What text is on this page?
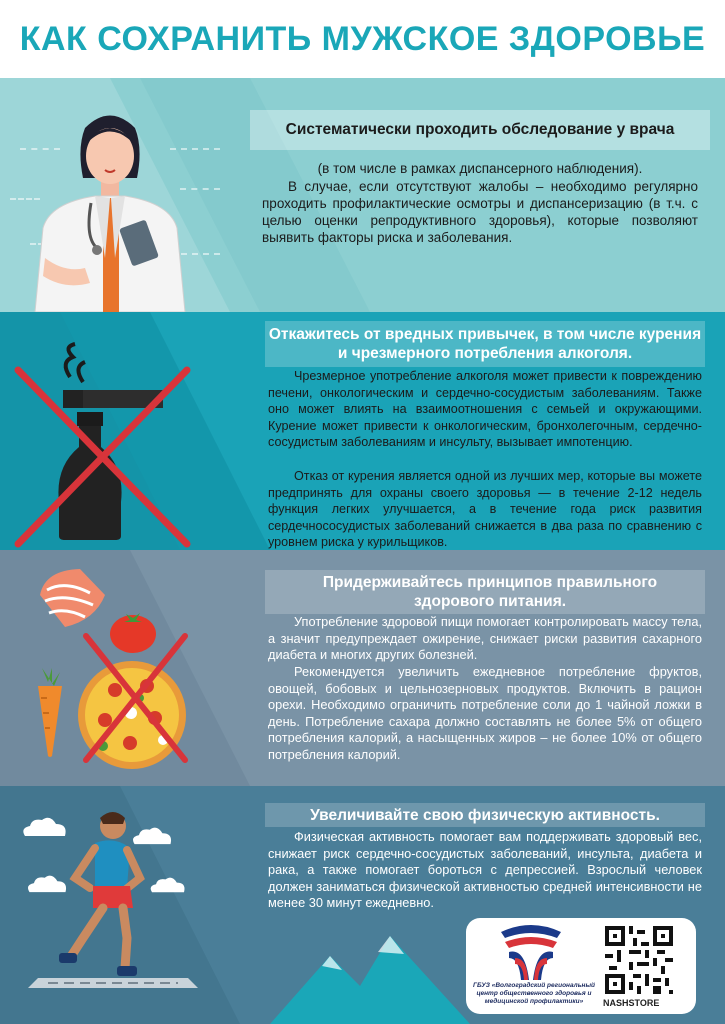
КАК СОХРАНИТЬ МУЖСКОЕ ЗДОРОВЬЕ
Систематически проходить обследование у врача
(в том числе в рамках диспансерного наблюдения).
В случае, если отсутствуют жалобы – необходимо регулярно проходить профилактические осмотры и диспансеризацию (в т.ч. с целью оценки репродуктивного здоровья), которые позволяют выявить факторы риска и заболевания.
Откажитесь от вредных привычек, в том числе курения и чрезмерного потребления алкоголя.
Чрезмерное употребление алкоголя может привести к повреждению печени, онкологическим и сердечно-сосудистым заболеваниям. Также оно может влиять на взаимоотношения с семьей и окружающими. Курение может привести к онкологическим, бронхолегочным, сердечно-сосудистым заболеваниям и инсульту, вызывает импотенцию.
Отказ от курения является одной из лучших мер, которые вы можете предпринять для охраны своего здоровья — в течение 2-12 недель функция легких улучшается, а в течение года риск развития сердечнососудистых заболеваний снижается в два раза по сравнению с уровнем риска у курильщиков.
Придерживайтесь принципов правильного здорового питания.
Употребление здоровой пищи помогает контролировать массу тела, а значит предупреждает ожирение, снижает риски развития сахарного диабета и многих других болезней.
Рекомендуется увеличить ежедневное потребление фруктов, овощей, бобовых и цельнозерновых продуктов. Включить в рацион орехи. Необходимо ограничить потребление соли до 1 чайной ложки в день. Потребление сахара должно составлять не более 5% от общего потребления калорий, а насыщенных жиров – не более 10% от общего потребления калорий.
Увеличивайте свою физическую активность.
Физическая активность помогает вам поддерживать здоровый вес, снижает риск сердечно-сосудистых заболеваний, инсульта, диабета и рака, а также помогает бороться с депрессией. Взрослый человек должен заниматься физической активностью средней интенсивности не менее 30 минут ежедневно.
ГБУЗ «Волгоградский региональный центр общественного здоровья и медицинской профилактики»	NASHSTORE
